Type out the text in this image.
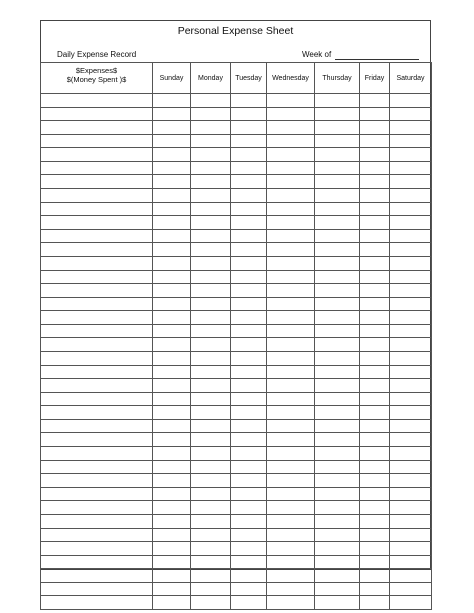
Personal Expense Sheet
Daily Expense Record	Week of
$Expenses$
$(Money Spent )$	Sunday	Monday	Tuesday	Wednesday	Thursday	Friday	Saturday
